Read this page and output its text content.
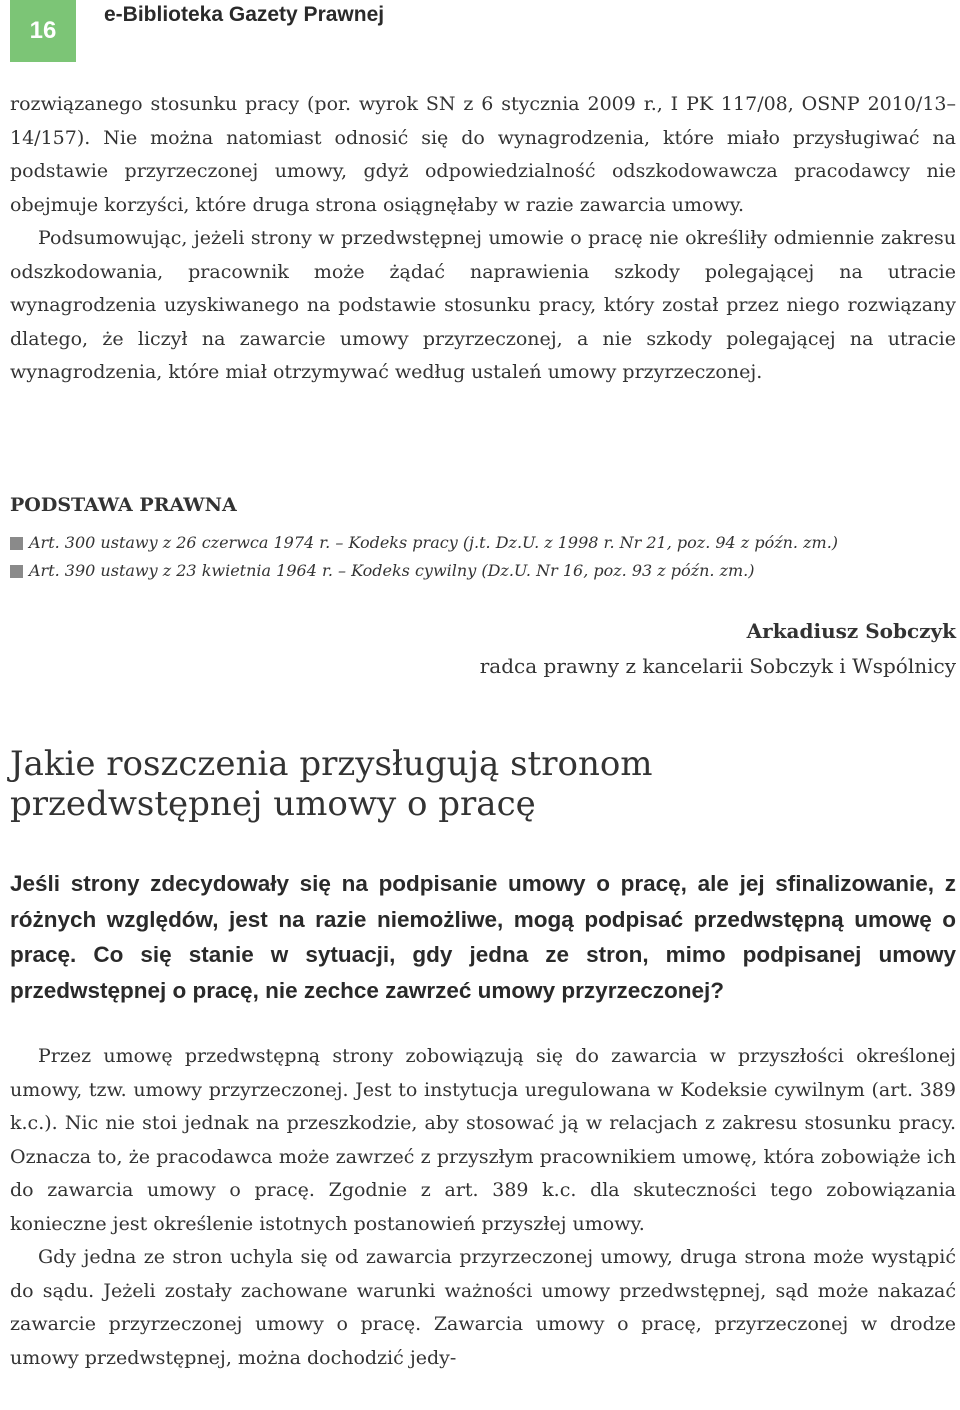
16
e-Biblioteka Gazety Prawnej

rozwiązanego stosunku pracy (por. wyrok SN z 6 stycznia 2009 r., I PK 117/08, OSNP 2010/13–14/157). Nie można natomiast odnosić się do wynagrodzenia, które miało przysługiwać na podstawie przyrzeczonej umowy, gdyż odpowiedzialność odszkodowawcza pracodawcy nie obejmuje korzyści, które druga strona osiągnęłaby w razie zawarcia umowy.

Podsumowując, jeżeli strony w przedwstępnej umowie o pracę nie określiły odmiennie zakresu odszkodowania, pracownik może żądać naprawienia szkody polegającej na utracie wynagrodzenia uzyskiwanego na podstawie stosunku pracy, który został przez niego rozwiązany dlatego, że liczył na zawarcie umowy przyrzeczonej, a nie szkody polegającej na utracie wynagrodzenia, które miał otrzymywać według ustaleń umowy przyrzeczonej.

PODSTAWA PRAWNA
Art. 300 ustawy z 26 czerwca 1974 r. – Kodeks pracy (j.t. Dz.U. z 1998 r. Nr 21, poz. 94 z późn. zm.)
Art. 390 ustawy z 23 kwietnia 1964 r. – Kodeks cywilny (Dz.U. Nr 16, poz. 93 z późn. zm.)
Arkadiusz Sobczyk
radca prawny z kancelarii Sobczyk i Wspólnicy
Jakie roszczenia przysługują stronom
przedwstępnej umowy o pracę

Jeśli strony zdecydowały się na podpisanie umowy o pracę, ale jej sfinalizowanie, z różnych względów, jest na razie niemożliwe, mogą podpisać przedwstępną umowę o pracę. Co się stanie w sytuacji, gdy jedna ze stron, mimo podpisanej umowy przedwstępnej o pracę, nie zechce zawrzeć umowy przyrzeczonej?

Przez umowę przedwstępną strony zobowiązują się do zawarcia w przyszłości określonej umowy, tzw. umowy przyrzeczonej. Jest to instytucja uregulowana w Kodeksie cywilnym (art. 389 k.c.). Nic nie stoi jednak na przeszkodzie, aby stosować ją w relacjach z zakresu stosunku pracy. Oznacza to, że pracodawca może zawrzeć z przyszłym pracownikiem umowę, która zobowiąże ich do zawarcia umowy o pracę. Zgodnie z art. 389 k.c. dla skuteczności tego zobowiązania konieczne jest określenie istotnych postanowień przyszłej umowy.

Gdy jedna ze stron uchyla się od zawarcia przyrzeczonej umowy, druga strona może wystąpić do sądu. Jeżeli zostały zachowane warunki ważności umowy przedwstępnej, sąd może nakazać zawarcie przyrzeczonej umowy o pracę. Zawarcia umowy o pracę, przyrzeczonej w drodze umowy przedwstępnej, można dochodzić jedy-
